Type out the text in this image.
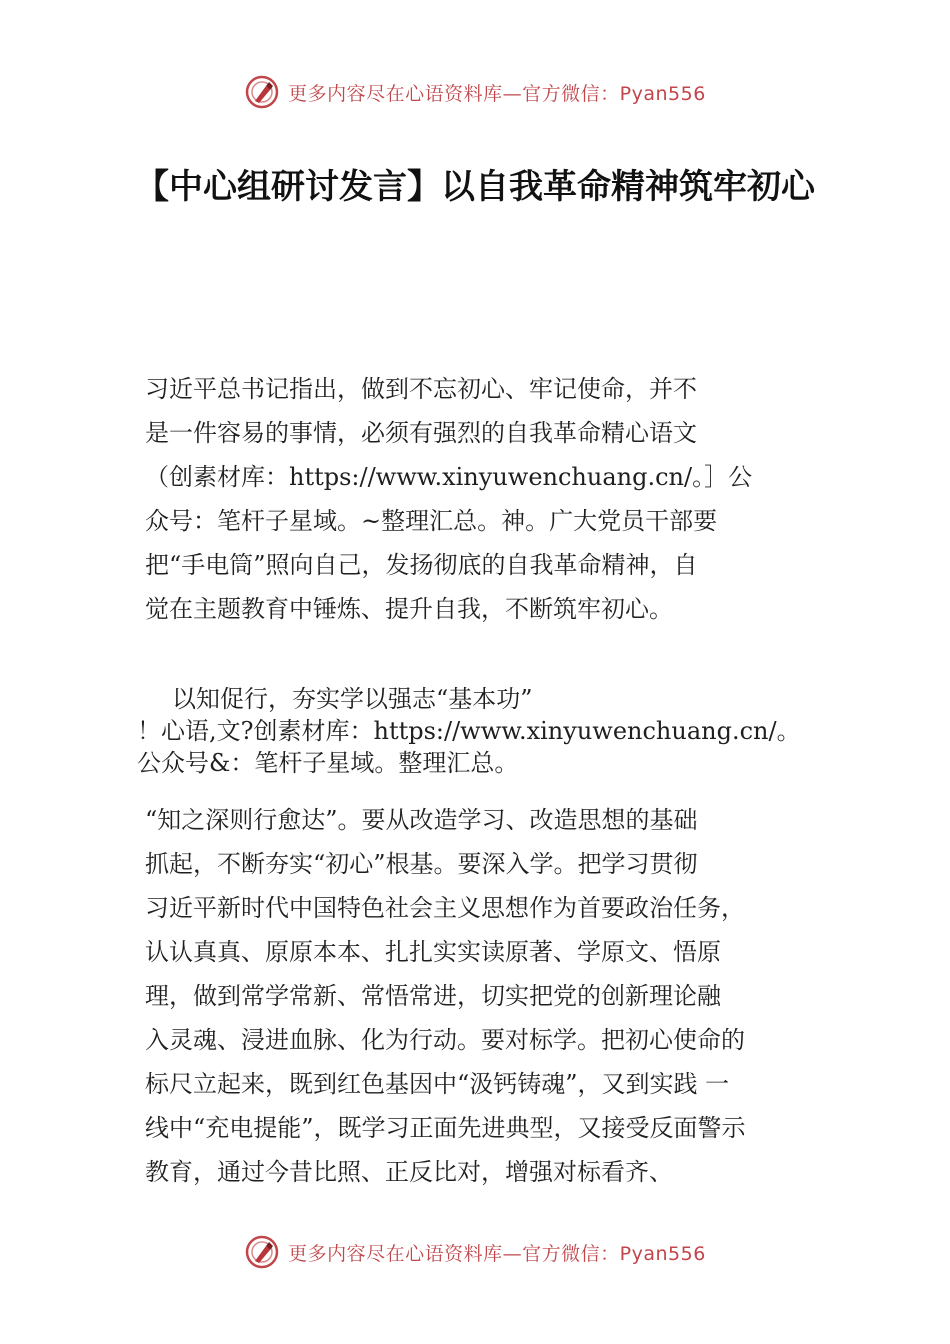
更多内容尽在心语资料库—官方微信：Pyan556
【中心组研讨发言】以自我革命精神筑牢初心

习近平总书记指出，做到不忘初心、牢记使命，并不
是一件容易的事情，必须有强烈的自我革命精心语文
（创素材库：https://www.xinyuwenchuang.cn/。］公
众号：笔杆子星域。~整理汇总。神。广大党员干部要
把“手电筒”照向自己，发扬彻底的自我革命精神，自
觉在主题教育中锤炼、提升自我，不断筑牢初心。

以知促行，夯实学以强志“基本功”
！心语,文?创素材库：https://www.xinyuwenchuang.cn/。
公众号&：笔杆子星域。整理汇总。

“知之深则行愈达”。要从改造学习、改造思想的基础
抓起，不断夯实“初心”根基。要深入学。把学习贯彻
习近平新时代中国特色社会主义思想作为首要政治任务，
认认真真、原原本本、扎扎实实读原著、学原文、悟原
理，做到常学常新、常悟常进，切实把党的创新理论融
入灵魂、浸进血脉、化为行动。要对标学。把初心使命的
标尺立起来，既到红色基因中“汲钙铸魂”，又到实践 一
线中“充电提能”，既学习正面先进典型，又接受反面警示
教育，通过今昔比照、正反比对，增强对标看齐、

更多内容尽在心语资料库—官方微信：Pyan556
